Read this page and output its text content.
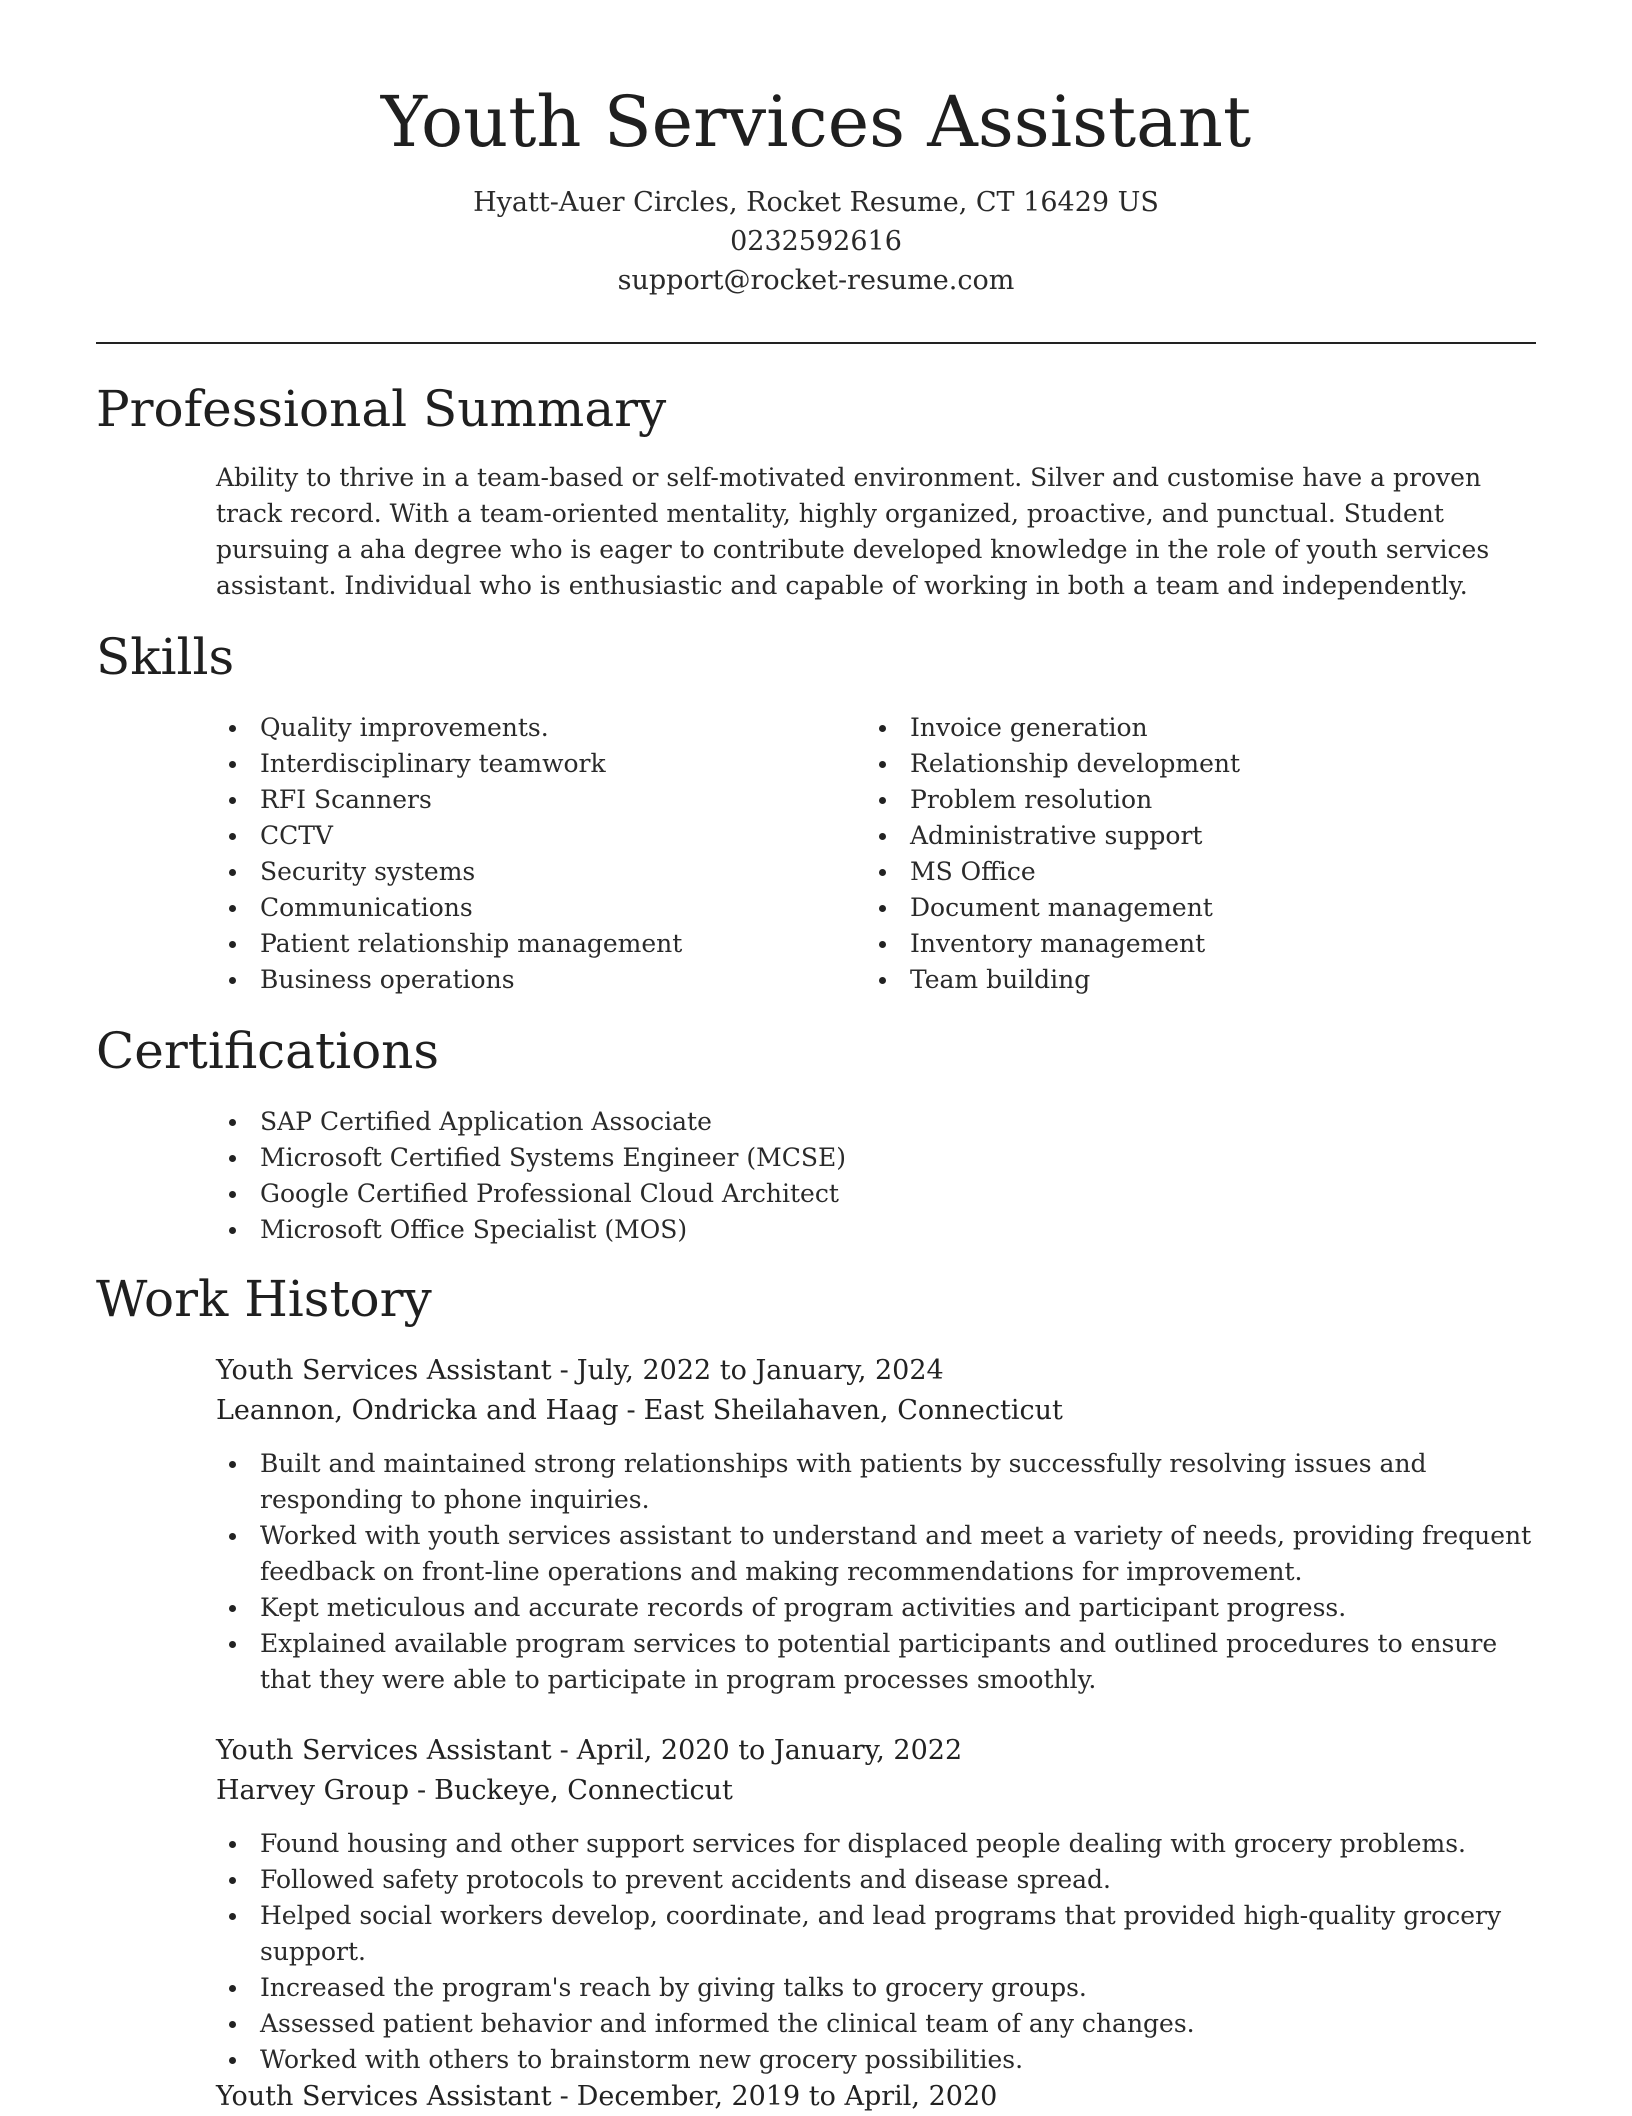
Youth Services Assistant
Hyatt-Auer Circles, Rocket Resume, CT 16429 US
0232592616
support@rocket-resume.com
Professional Summary

Ability to thrive in a team-based or self-motivated environment. Silver and customise have a proven track record. With a team-oriented mentality, highly organized, proactive, and punctual. Student pursuing a aha degree who is eager to contribute developed knowledge in the role of youth services assistant. Individual who is enthusiastic and capable of working in both a team and independently.

Skills
Quality improvements.
Interdisciplinary teamwork
RFI Scanners
CCTV
Security systems
Communications
Patient relationship management
Business operations
Invoice generation
Relationship development
Problem resolution
Administrative support
MS Office
Document management
Inventory management
Team building
Certifications
SAP Certified Application Associate
Microsoft Certified Systems Engineer (MCSE)
Google Certified Professional Cloud Architect
Microsoft Office Specialist (MOS)
Work History

Youth Services Assistant - July, 2022 to January, 2024

Leannon, Ondricka and Haag - East Sheilahaven, Connecticut

Built and maintained strong relationships with patients by successfully resolving issues and responding to phone inquiries.
Worked with youth services assistant to understand and meet a variety of needs, providing frequent feedback on front-line operations and making recommendations for improvement.
Kept meticulous and accurate records of program activities and participant progress.
Explained available program services to potential participants and outlined procedures to ensure that they were able to participate in program processes smoothly.

Youth Services Assistant - April, 2020 to January, 2022

Harvey Group - Buckeye, Connecticut

Found housing and other support services for displaced people dealing with grocery problems.
Followed safety protocols to prevent accidents and disease spread.
Helped social workers develop, coordinate, and lead programs that provided high-quality grocery support.
Increased the program's reach by giving talks to grocery groups.
Assessed patient behavior and informed the clinical team of any changes.
Worked with others to brainstorm new grocery possibilities.

Youth Services Assistant - December, 2019 to April, 2020
